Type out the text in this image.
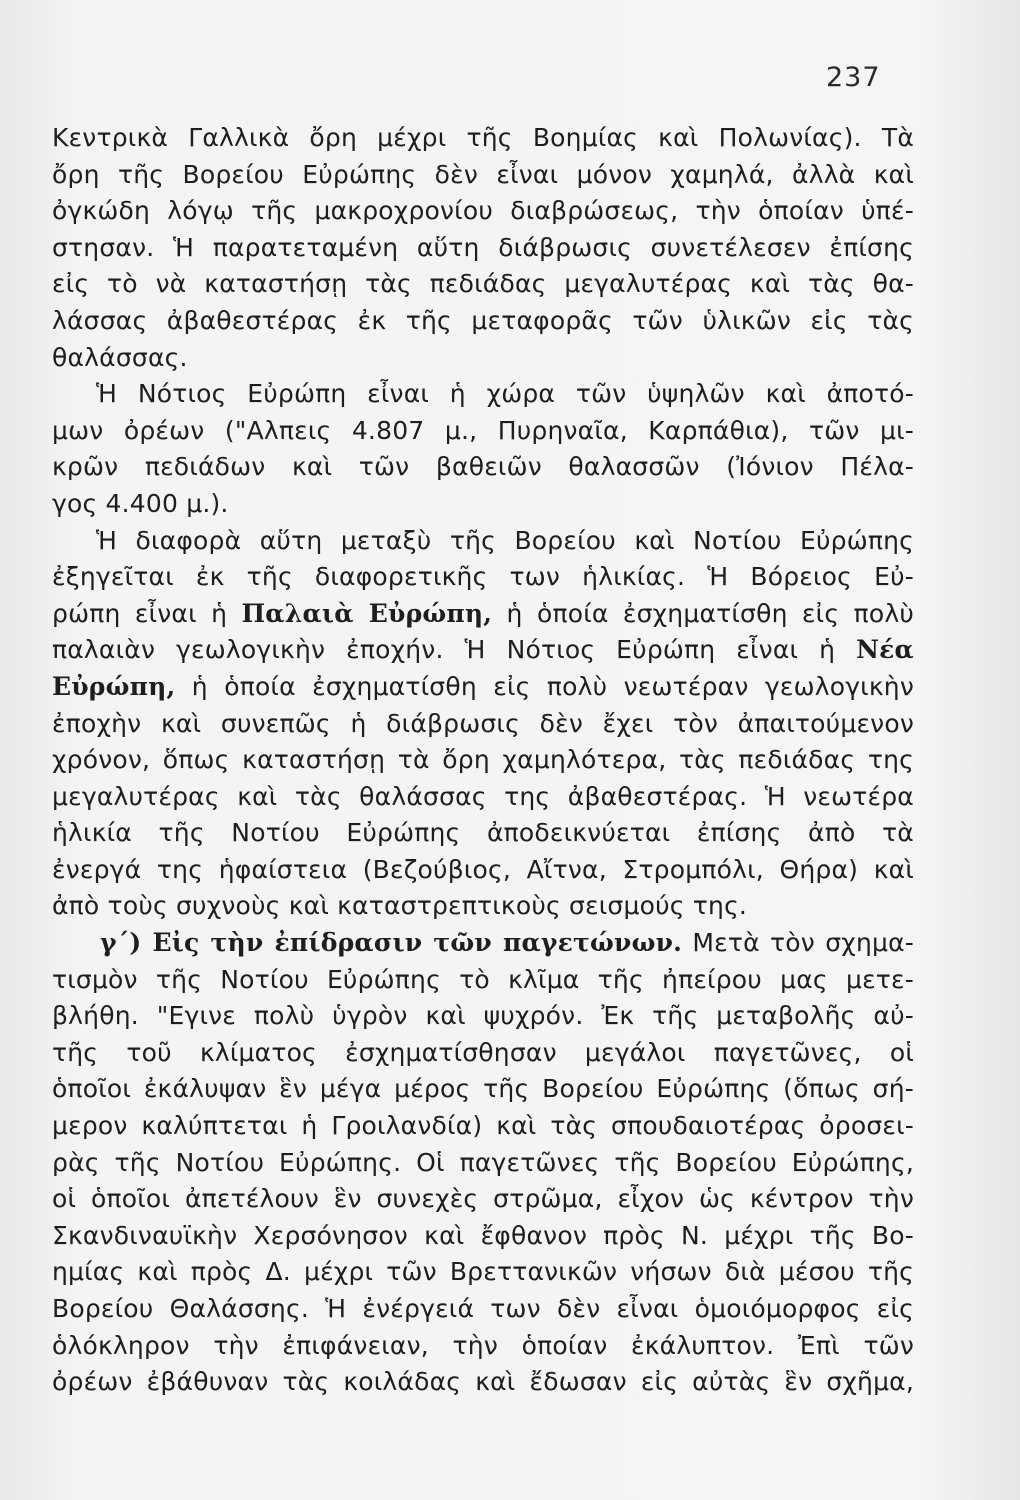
237
Κεντρικὰ Γαλλικὰ ὄρη μέχρι τῆς Βοημίας καὶ Πολωνίας). Τὰ
ὄρη τῆς Βορείου Εὐρώπης δὲν εἶναι μόνον χαμηλά, ἀλλὰ καὶ
ὀγκώδη λόγῳ τῆς μακροχρονίου διαβρώσεως, τὴν ὁποίαν ὑπέ-
στησαν. Ἡ παρατεταμένη αὕτη διάβρωσις συνετέλεσεν ἐπίσης
εἰς τὸ νὰ καταστήσῃ τὰς πεδιάδας μεγαλυτέρας καὶ τὰς θα-
λάσσας ἀβαθεστέρας ἐκ τῆς μεταφορᾶς τῶν ὑλικῶν εἰς τὰς
θαλάσσας.
Ἡ Νότιος Εὐρώπη εἶναι ἡ χώρα τῶν ὑψηλῶν καὶ ἀποτό-
μων ὀρέων ("Αλπεις 4.807 μ., Πυρηναῖα, Καρπάθια), τῶν μι-
κρῶν πεδιάδων καὶ τῶν βαθειῶν θαλασσῶν (Ἰόνιον Πέλα-
γος 4.400 μ.).
Ἡ διαφορὰ αὕτη μεταξὺ τῆς Βορείου καὶ Νοτίου Εὐρώπης
ἐξηγεῖται ἐκ τῆς διαφορετικῆς των ἡλικίας. Ἡ Βόρειος Εὐ-
ρώπη εἶναι ἡ Παλαιὰ Εὐρώπη, ἡ ὁποία ἐσχηματίσθη εἰς πολὺ
παλαιὰν γεωλογικὴν ἐποχήν. Ἡ Νότιος Εὐρώπη εἶναι ἡ Νέα
Εὐρώπη, ἡ ὁποία ἐσχηματίσθη εἰς πολὺ νεωτέραν γεωλογικὴν
ἐποχὴν καὶ συνεπῶς ἡ διάβρωσις δὲν ἔχει τὸν ἀπαιτούμενον
χρόνον, ὅπως καταστήσῃ τὰ ὄρη χαμηλότερα, τὰς πεδιάδας της
μεγαλυτέρας καὶ τὰς θαλάσσας της ἀβαθεστέρας. Ἡ νεωτέρα
ἡλικία τῆς Νοτίου Εὐρώπης ἀποδεικνύεται ἐπίσης ἀπὸ τὰ
ἐνεργά της ἡφαίστεια (Βεζούβιος, Αἴτνα, Στρομπόλι, Θήρα) καὶ
ἀπὸ τοὺς συχνοὺς καὶ καταστρεπτικοὺς σεισμούς της.
γ΄) Εἰς τὴν ἐπίδρασιν τῶν παγετώνων. Μετὰ τὸν σχημα-
τισμὸν τῆς Νοτίου Εὐρώπης τὸ κλῖμα τῆς ἠπείρου μας μετε-
βλήθη. "Εγινε πολὺ ὑγρὸν καὶ ψυχρόν. Ἐκ τῆς μεταβολῆς αὐ-
τῆς τοῦ κλίματος ἐσχηματίσθησαν μεγάλοι παγετῶνες, οἱ
ὁποῖοι ἐκάλυψαν ἓν μέγα μέρος τῆς Βορείου Εὐρώπης (ὅπως σή-
μερον καλύπτεται ἡ Γροιλανδία) καὶ τὰς σπουδαιοτέρας ὀροσει-
ρὰς τῆς Νοτίου Εὐρώπης. Οἱ παγετῶνες τῆς Βορείου Εὐρώπης,
οἱ ὁποῖοι ἀπετέλουν ἓν συνεχὲς στρῶμα, εἶχον ὡς κέντρον τὴν
Σκανδιναυϊκὴν Χερσόνησον καὶ ἔφθανον πρὸς Ν. μέχρι τῆς Βο-
ημίας καὶ πρὸς Δ. μέχρι τῶν Βρεττανικῶν νήσων διὰ μέσου τῆς
Βορείου Θαλάσσης. Ἡ ἐνέργειά των δὲν εἶναι ὁμοιόμορφος εἰς
ὁλόκληρον τὴν ἐπιφάνειαν, τὴν ὁποίαν ἐκάλυπτον. Ἐπὶ τῶν
ὀρέων ἐβάθυναν τὰς κοιλάδας καὶ ἔδωσαν εἰς αὐτὰς ἓν σχῆμα,
